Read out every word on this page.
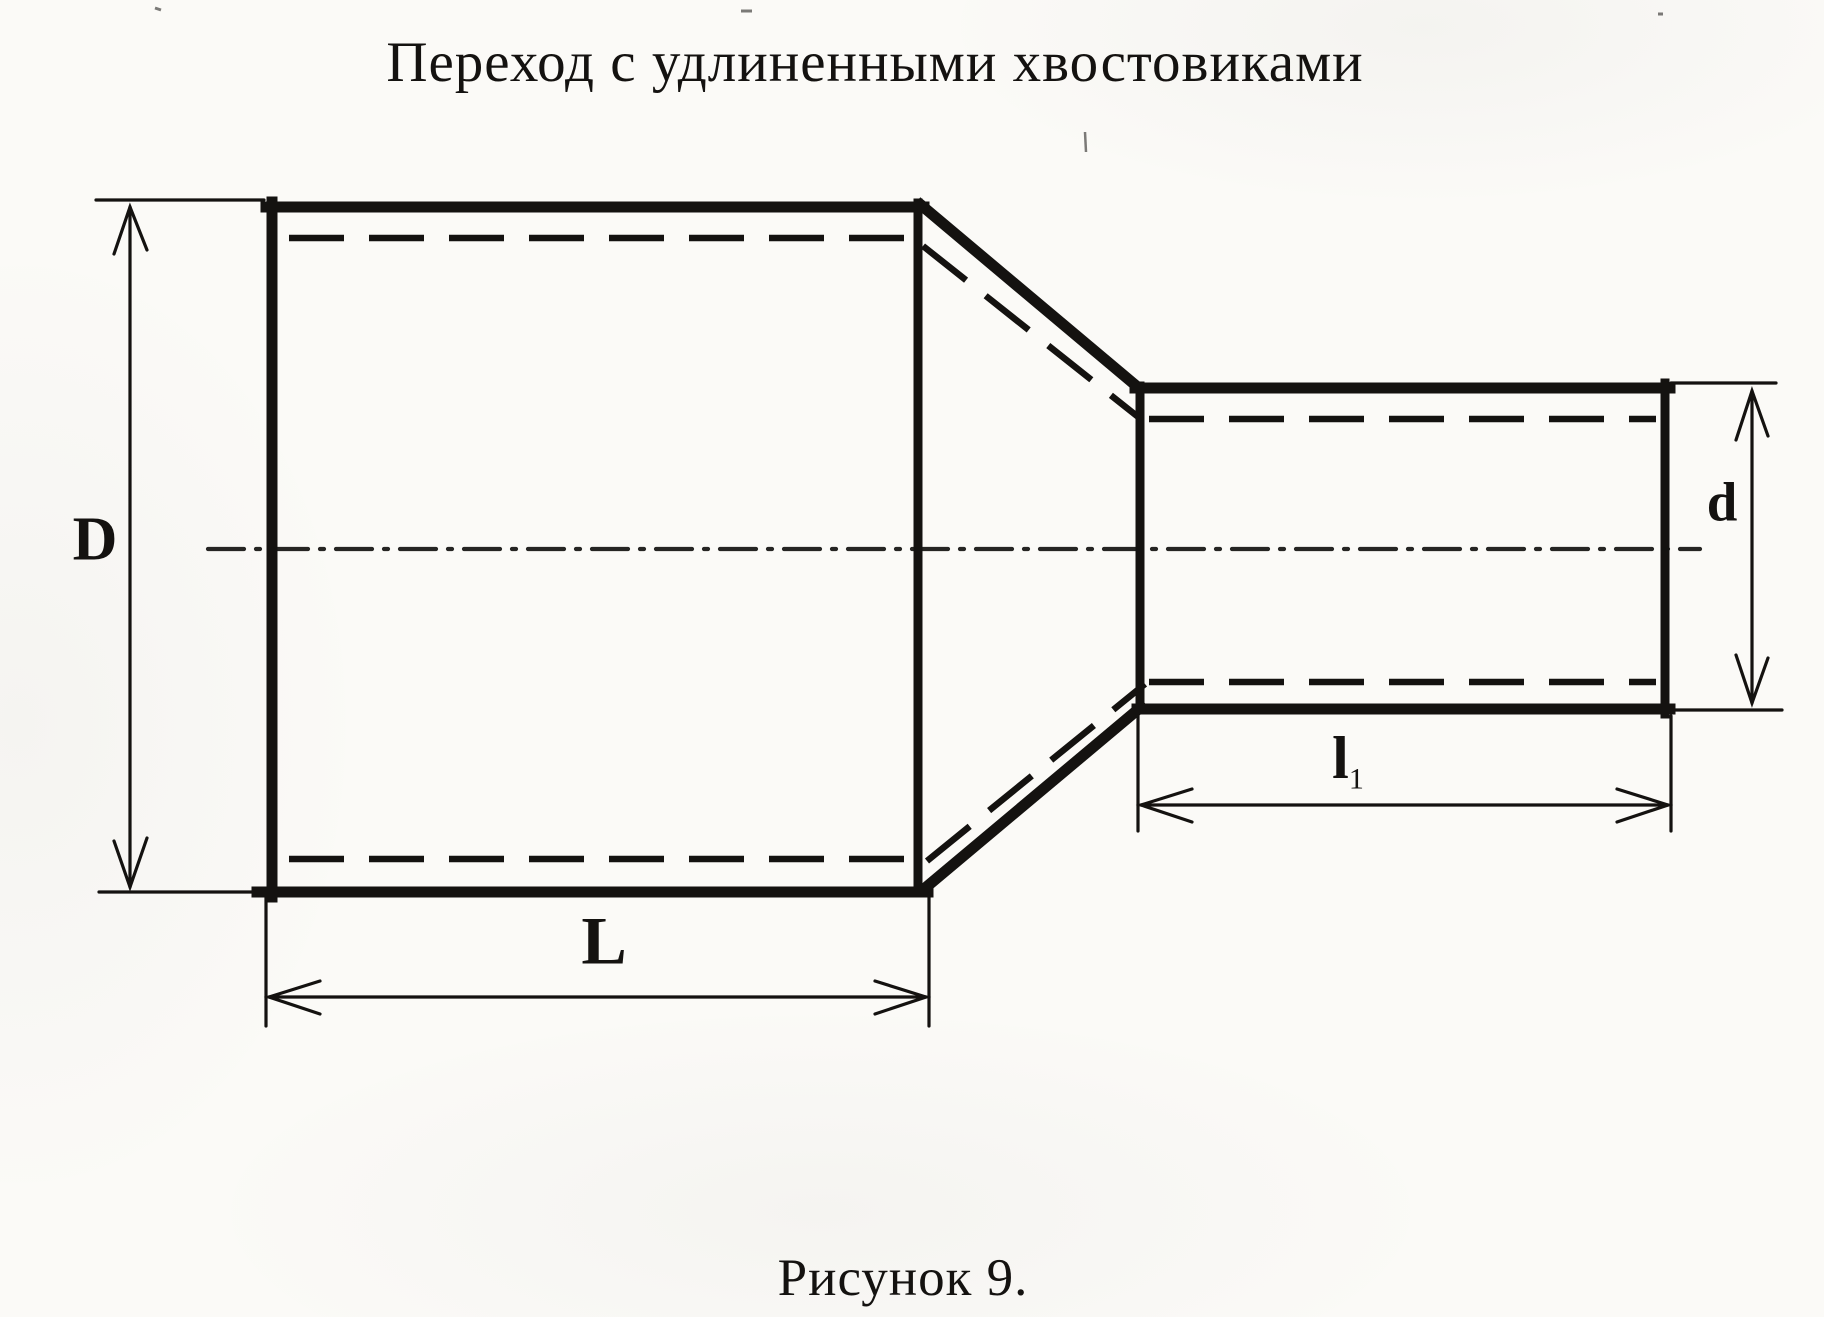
Переход с удлиненными хвостовиками
D
L
$l_1$
d
Рисунок 9.
